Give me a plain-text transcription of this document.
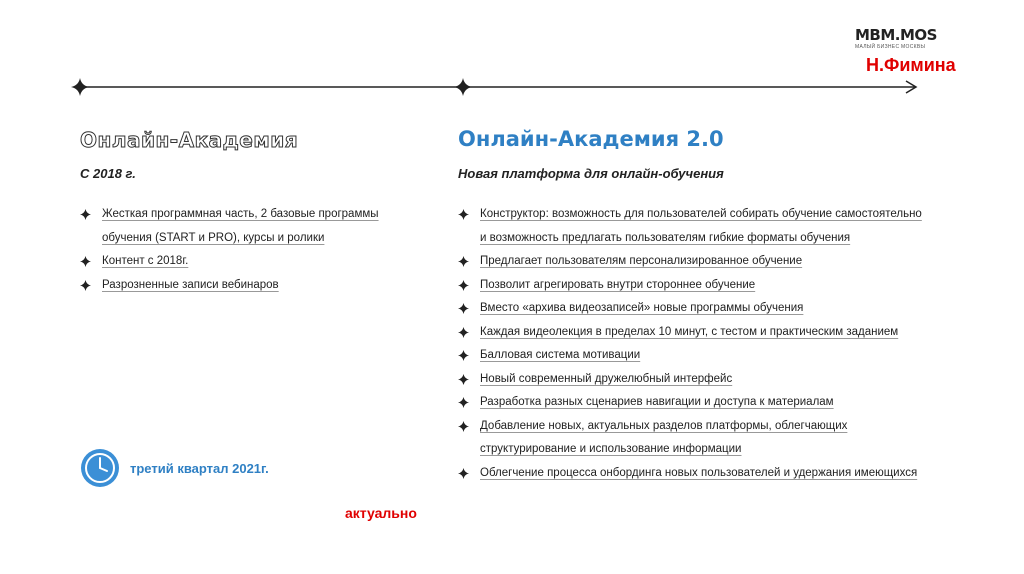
MBM.MOS
МАЛЫЙ БИЗНЕС МОСКВЫ
Н.Фимина
Онлайн-Академия	Онлайн-Академия 2.0
С 2018 г.	Новая платформа для онлайн-обучения
Жесткая программная часть, 2 базовые программы
обучения (START и PRO), курсы и ролики
Контент с 2018г.
Разрозненные записи вебинаров
Конструктор: возможность для пользователей собирать обучение самостоятельно
и возможность предлагать пользователям гибкие форматы обучения
Предлагает пользователям персонализированное обучение
Позволит агрегировать внутри стороннее обучение
Вместо «архива видеозаписей» новые программы обучения
Каждая видеолекция в пределах 10 минут, с тестом и практическим заданием
Балловая система мотивации
Новый современный дружелюбный интерфейс
Разработка разных сценариев навигации и доступа к материалам
Добавление новых, актуальных разделов платформы, облегчающих
структурирование и использование информации
Облегчение процесса онбординга новых пользователей и удержания имеющихся
третий квартал 2021г.
актуально
